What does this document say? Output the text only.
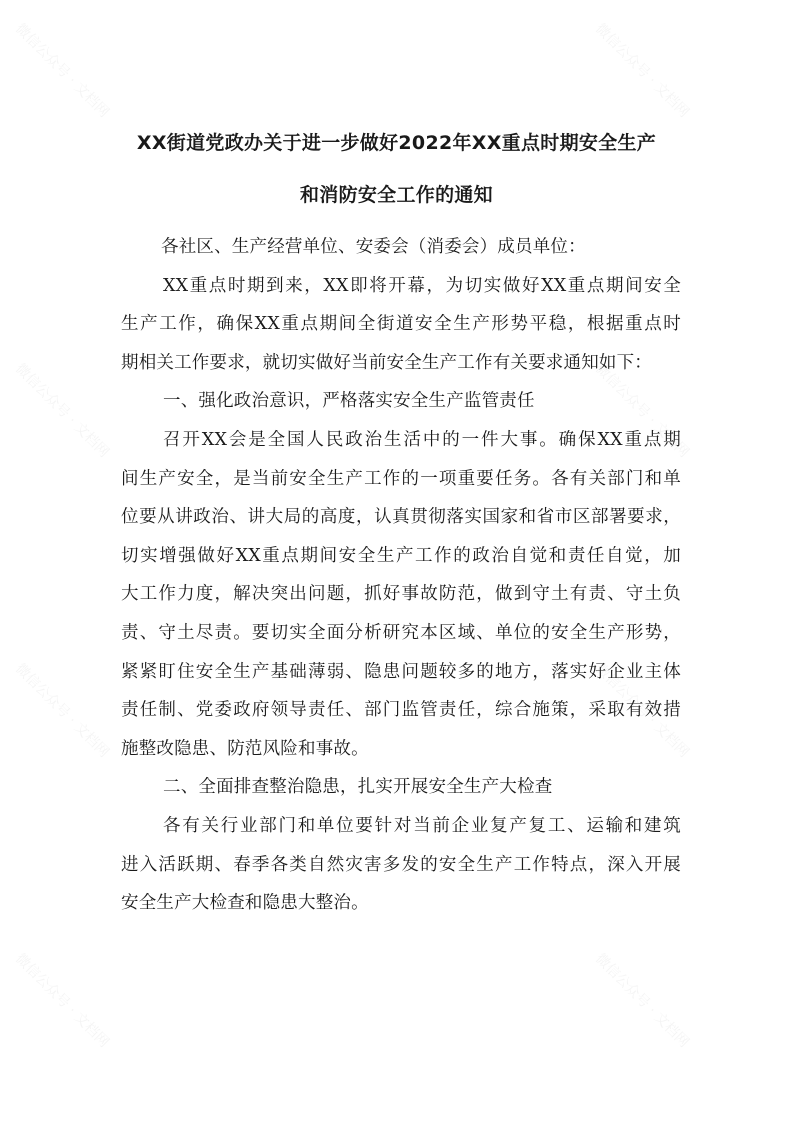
XX街道党政办关于进一步做好2022年XX重点时期安全生产
和消防安全工作的通知
各社区、生产经营单位、安委会（消委会）成员单位：
XX重点时期到来，XX即将开幕，为切实做好XX重点期间安全
生产工作，确保XX重点期间全街道安全生产形势平稳，根据重点时
期相关工作要求，就切实做好当前安全生产工作有关要求通知如下：
一、强化政治意识，严格落实安全生产监管责任
召开XX会是全国人民政治生活中的一件大事。确保XX重点期
间生产安全，是当前安全生产工作的一项重要任务。各有关部门和单
位要从讲政治、讲大局的高度，认真贯彻落实国家和省市区部署要求，
切实增强做好XX重点期间安全生产工作的政治自觉和责任自觉，加
大工作力度，解决突出问题，抓好事故防范，做到守土有责、守土负
责、守土尽责。要切实全面分析研究本区域、单位的安全生产形势，
紧紧盯住安全生产基础薄弱、隐患问题较多的地方，落实好企业主体
责任制、党委政府领导责任、部门监管责任，综合施策，采取有效措
施整改隐患、防范风险和事故。
二、全面排查整治隐患，扎实开展安全生产大检查
各有关行业部门和单位要针对当前企业复产复工、运输和建筑
进入活跃期、春季各类自然灾害多发的安全生产工作特点，深入开展
安全生产大检查和隐患大整治。
微信公众号 · 文档网	微信公众号 · 文档网
微信公众号 · 文档网	微信公众号 · 文档网
微信公众号 · 文档网	微信公众号 · 文档网
微信公众号 · 文档网	微信公众号 · 文档网
